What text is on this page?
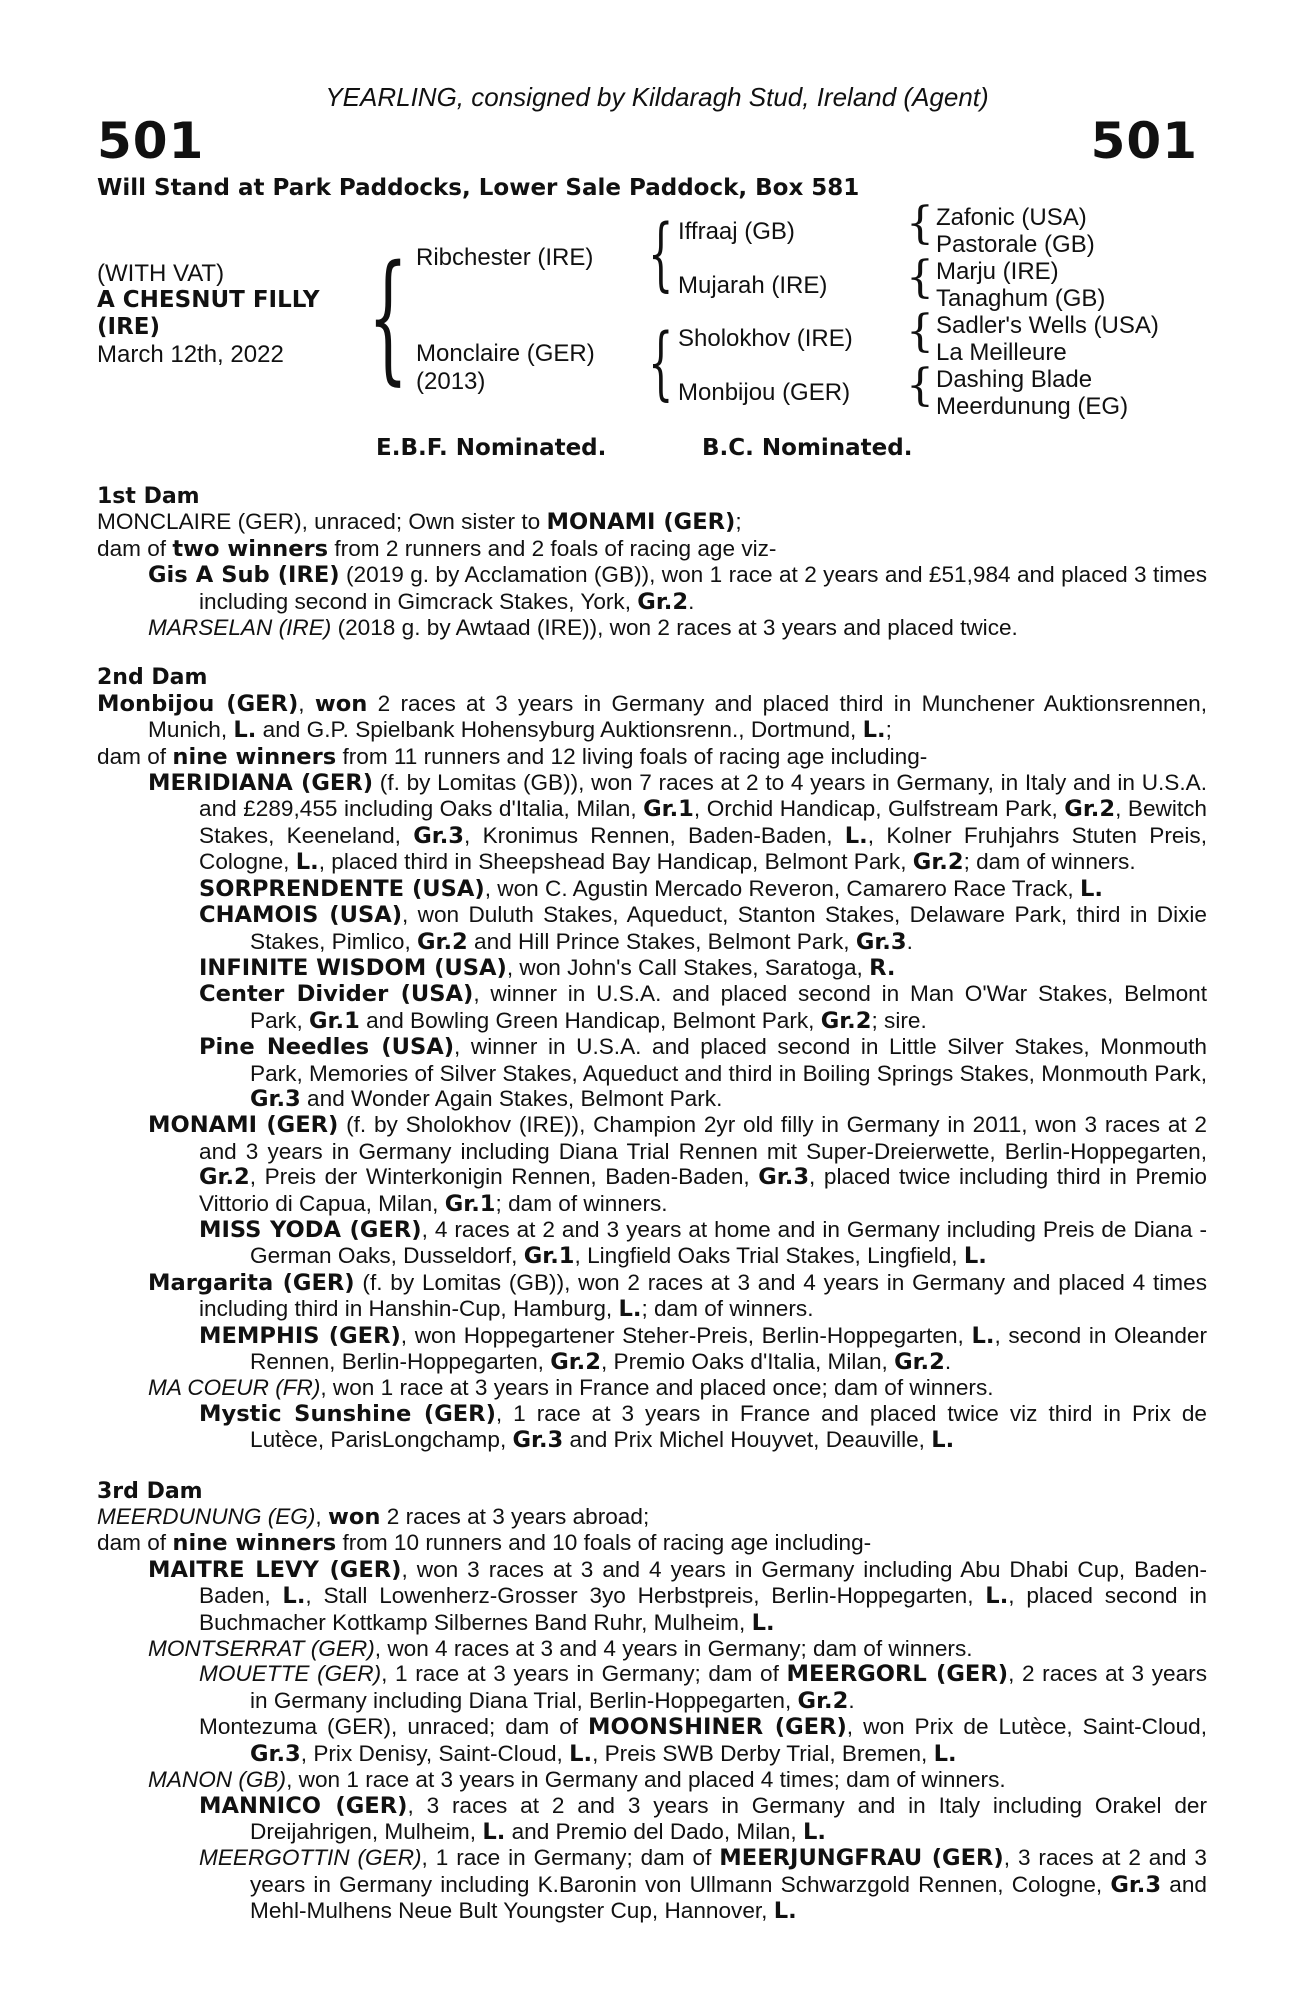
YEARLING, consigned by Kildaragh Stud, Ireland (Agent)
501	501
Will Stand at Park Paddocks, Lower Sale Paddock, Box 581
(WITH VAT)
A CHESNUT FILLY
(IRE)
March 12th, 2022 { Ribchester (IRE)
Monclaire (GER)
(2013)
{
{
Iffraaj (GB)
Mujarah (IRE)
Sholokhov (IRE)
Monbijou (GER)
{
{
{
{
Zafonic (USA)
Pastorale (GB)
Marju (IRE)
Tanaghum (GB)
Sadler's Wells (USA)
La Meilleure
Dashing Blade
Meerdunung (EG)
E.B.F. Nominated.	B.C. Nominated.
1st Dam
MONCLAIRE (GER), unraced; Own sister to MONAMI (GER);
dam of two winners from 2 runners and 2 foals of racing age viz-
Gis A Sub (IRE) (2019 g. by Acclamation (GB)), won 1 race at 2 years and £51,984 and placed 3 times including second in Gimcrack Stakes, York, Gr.2.
MARSELAN (IRE) (2018 g. by Awtaad (IRE)), won 2 races at 3 years and placed twice.
2nd Dam
Monbijou (GER), won 2 races at 3 years in Germany and placed third in Munchener Auktionsrennen, Munich, L. and G.P. Spielbank Hohensyburg Auktionsrenn., Dortmund, L.;
dam of nine winners from 11 runners and 12 living foals of racing age including-
MERIDIANA (GER) (f. by Lomitas (GB)), won 7 races at 2 to 4 years in Germany, in Italy and in U.S.A. and £289,455 including Oaks d'Italia, Milan, Gr.1, Orchid Handicap, Gulfstream Park, Gr.2, Bewitch Stakes, Keeneland, Gr.3, Kronimus Rennen, Baden-Baden, L., Kolner Fruhjahrs Stuten Preis, Cologne, L., placed third in Sheepshead Bay Handicap, Belmont Park, Gr.2; dam of winners.
SORPRENDENTE (USA), won C. Agustin Mercado Reveron, Camarero Race Track, L.
CHAMOIS (USA), won Duluth Stakes, Aqueduct, Stanton Stakes, Delaware Park, third in Dixie Stakes, Pimlico, Gr.2 and Hill Prince Stakes, Belmont Park, Gr.3.
INFINITE WISDOM (USA), won John's Call Stakes, Saratoga, R.
Center Divider (USA), winner in U.S.A. and placed second in Man O'War Stakes, Belmont Park, Gr.1 and Bowling Green Handicap, Belmont Park, Gr.2; sire.
Pine Needles (USA), winner in U.S.A. and placed second in Little Silver Stakes, Monmouth Park, Memories of Silver Stakes, Aqueduct and third in Boiling Springs Stakes, Monmouth Park, Gr.3 and Wonder Again Stakes, Belmont Park.
MONAMI (GER) (f. by Sholokhov (IRE)), Champion 2yr old filly in Germany in 2011, won 3 races at 2 and 3 years in Germany including Diana Trial Rennen mit Super-Dreierwette, Berlin-Hoppegarten, Gr.2, Preis der Winterkonigin Rennen, Baden-Baden, Gr.3, placed twice including third in Premio Vittorio di Capua, Milan, Gr.1; dam of winners.
MISS YODA (GER), 4 races at 2 and 3 years at home and in Germany including Preis de Diana - German Oaks, Dusseldorf, Gr.1, Lingfield Oaks Trial Stakes, Lingfield, L.
Margarita (GER) (f. by Lomitas (GB)), won 2 races at 3 and 4 years in Germany and placed 4 times including third in Hanshin-Cup, Hamburg, L.; dam of winners.
MEMPHIS (GER), won Hoppegartener Steher-Preis, Berlin-Hoppegarten, L., second in Oleander Rennen, Berlin-Hoppegarten, Gr.2, Premio Oaks d'Italia, Milan, Gr.2.
MA COEUR (FR), won 1 race at 3 years in France and placed once; dam of winners.
Mystic Sunshine (GER), 1 race at 3 years in France and placed twice viz third in Prix de Lutèce, ParisLongchamp, Gr.3 and Prix Michel Houyvet, Deauville, L.
3rd Dam
MEERDUNUNG (EG), won 2 races at 3 years abroad;
dam of nine winners from 10 runners and 10 foals of racing age including-
MAITRE LEVY (GER), won 3 races at 3 and 4 years in Germany including Abu Dhabi Cup, Baden-Baden, L., Stall Lowenherz-Grosser 3yo Herbstpreis, Berlin-Hoppegarten, L., placed second in Buchmacher Kottkamp Silbernes Band Ruhr, Mulheim, L.
MONTSERRAT (GER), won 4 races at 3 and 4 years in Germany; dam of winners.
MOUETTE (GER), 1 race at 3 years in Germany; dam of MEERGORL (GER), 2 races at 3 years in Germany including Diana Trial, Berlin-Hoppegarten, Gr.2.
Montezuma (GER), unraced; dam of MOONSHINER (GER), won Prix de Lutèce, Saint-Cloud, Gr.3, Prix Denisy, Saint-Cloud, L., Preis SWB Derby Trial, Bremen, L.
MANON (GB), won 1 race at 3 years in Germany and placed 4 times; dam of winners.
MANNICO (GER), 3 races at 2 and 3 years in Germany and in Italy including Orakel der Dreijahrigen, Mulheim, L. and Premio del Dado, Milan, L.
MEERGOTTIN (GER), 1 race in Germany; dam of MEERJUNGFRAU (GER), 3 races at 2 and 3 years in Germany including K.Baronin von Ullmann Schwarzgold Rennen, Cologne, Gr.3 and Mehl-Mulhens Neue Bult Youngster Cup, Hannover, L.
